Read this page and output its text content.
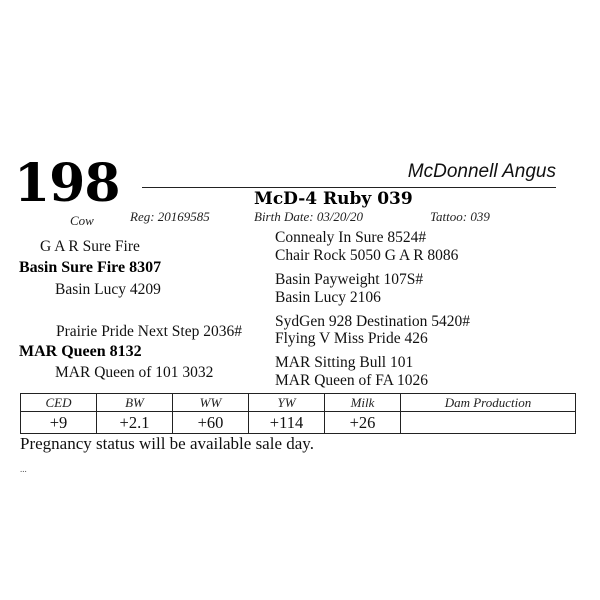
198	McDonnell Angus
McD-4 Ruby 039
Cow	Reg: 20169585	Birth Date: 03/20/20	Tattoo: 039
G A R Sure Fire
Basin Sure Fire 8307
Basin Lucy 4209
Prairie Pride Next Step 2036#
MAR Queen 8132
MAR Queen of 101 3032
Connealy In Sure 8524#
Chair Rock 5050 G A R 8086
Basin Payweight 107S#
Basin Lucy 2106
SydGen 928 Destination 5420#
Flying V Miss Pride 426
MAR Sitting Bull 101
MAR Queen of FA 1026
CED	BW	WW	YW	Milk	Dam Production
+9	+2.1	+60	+114	+26	
Pregnancy status will be available sale day.
...
